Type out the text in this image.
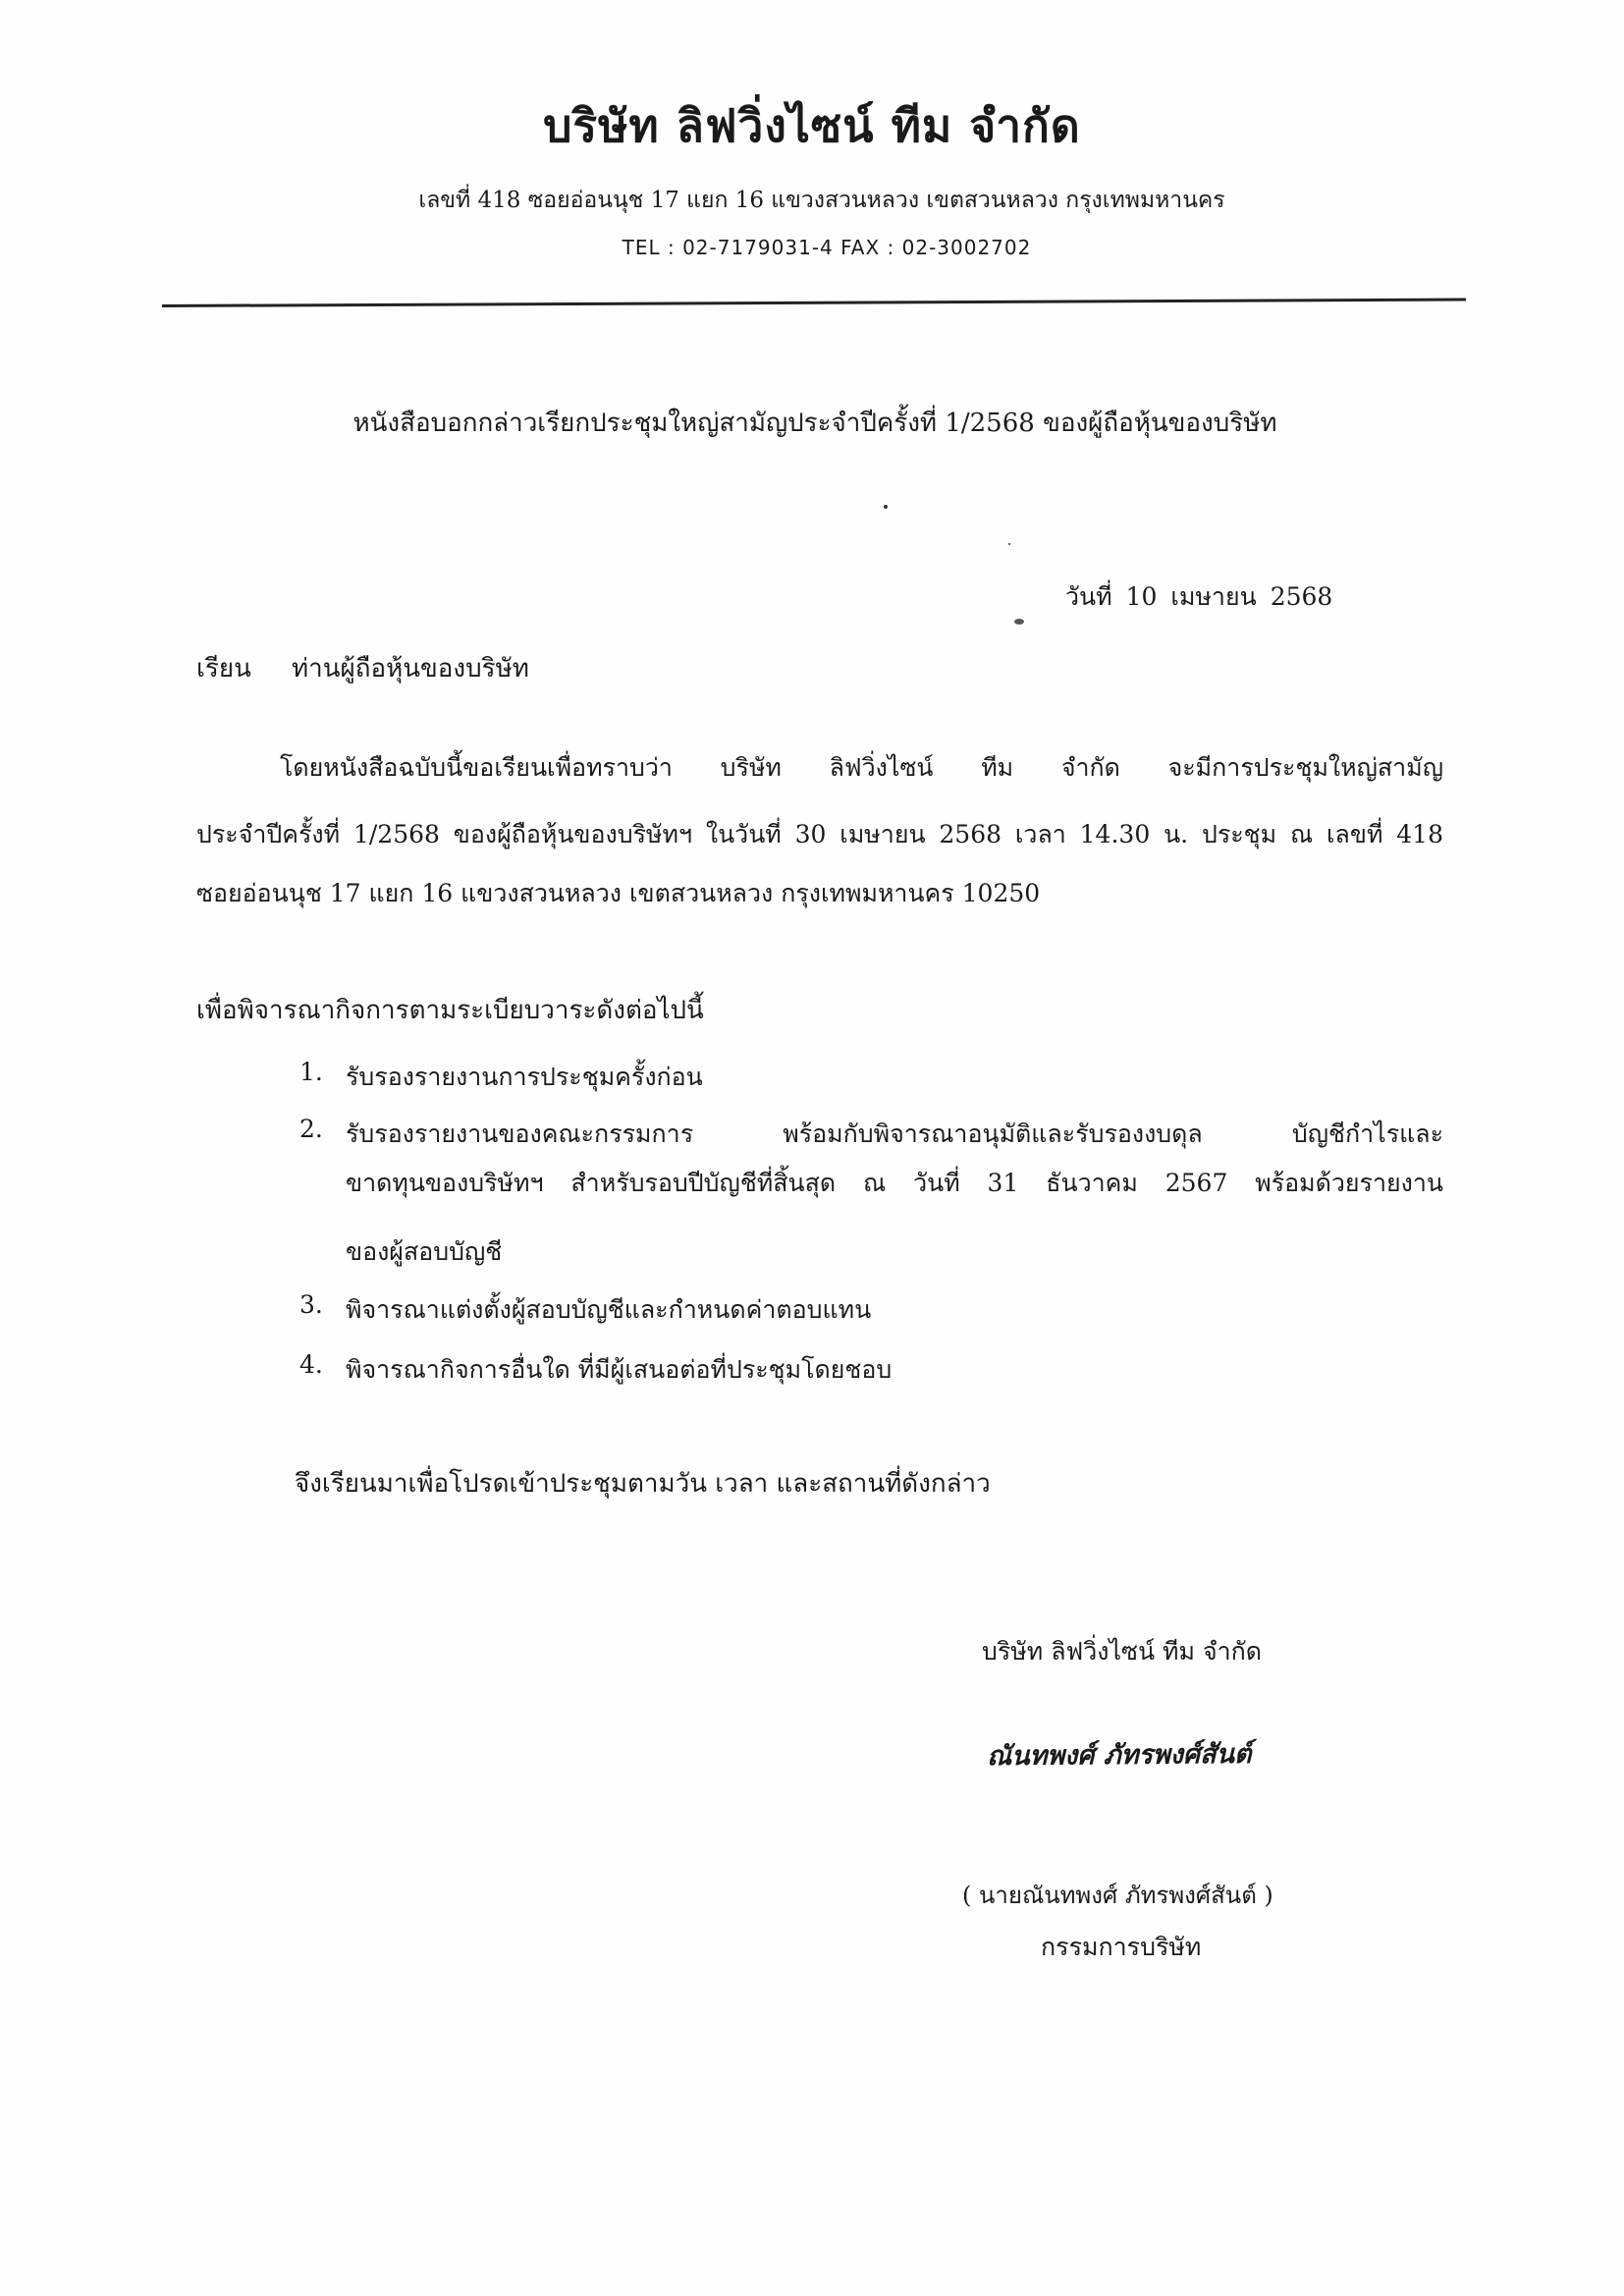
บริษัท ลิฟวิ่งไซน์ ทีม จำกัด
เลขที่ 418 ซอยอ่อนนุช 17 แยก 16 แขวงสวนหลวง เขตสวนหลวง กรุงเทพมหานคร
TEL : 02-7179031-4 FAX : 02-3002702
หนังสือบอกกล่าวเรียกประชุมใหญ่สามัญประจำปีครั้งที่ 1/2568 ของผู้ถือหุ้นของบริษัท
วันที่ 10 เมษายน 2568
เรียน ท่านผู้ถือหุ้นของบริษัท
โดยหนังสือฉบับนี้ขอเรียนเพื่อทราบว่า บริษัท ลิฟวิ่งไซน์ ทีม จำกัด จะมีการประชุมใหญ่สามัญ
ประจำปีครั้งที่ 1/2568 ของผู้ถือหุ้นของบริษัทฯ ในวันที่ 30 เมษายน 2568 เวลา 14.30 น. ประชุม ณ เลขที่ 418
ซอยอ่อนนุช 17 แยก 16 แขวงสวนหลวง เขตสวนหลวง กรุงเทพมหานคร 10250
เพื่อพิจารณากิจการตามระเบียบวาระดังต่อไปนี้
1. รับรองรายงานการประชุมครั้งก่อน
2. รับรองรายงานของคณะกรรมการ พร้อมกับพิจารณาอนุมัติและรับรองงบดุล บัญชีกำไรและ
ขาดทุนของบริษัทฯ สำหรับรอบปีบัญชีที่สิ้นสุด ณ วันที่ 31 ธันวาคม 2567 พร้อมด้วยรายงาน
ของผู้สอบบัญชี
3. พิจารณาแต่งตั้งผู้สอบบัญชีและกำหนดค่าตอบแทน
4. พิจารณากิจการอื่นใด ที่มีผู้เสนอต่อที่ประชุมโดยชอบ
จึงเรียนมาเพื่อโปรดเข้าประชุมตามวัน เวลา และสถานที่ดังกล่าว
บริษัท ลิฟวิ่งไซน์ ทีม จำกัด
ณันทพงศ์ ภัทรพงศ์สันต์
( นายณันทพงศ์ ภัทรพงศ์สันต์ )
กรรมการบริษัท
